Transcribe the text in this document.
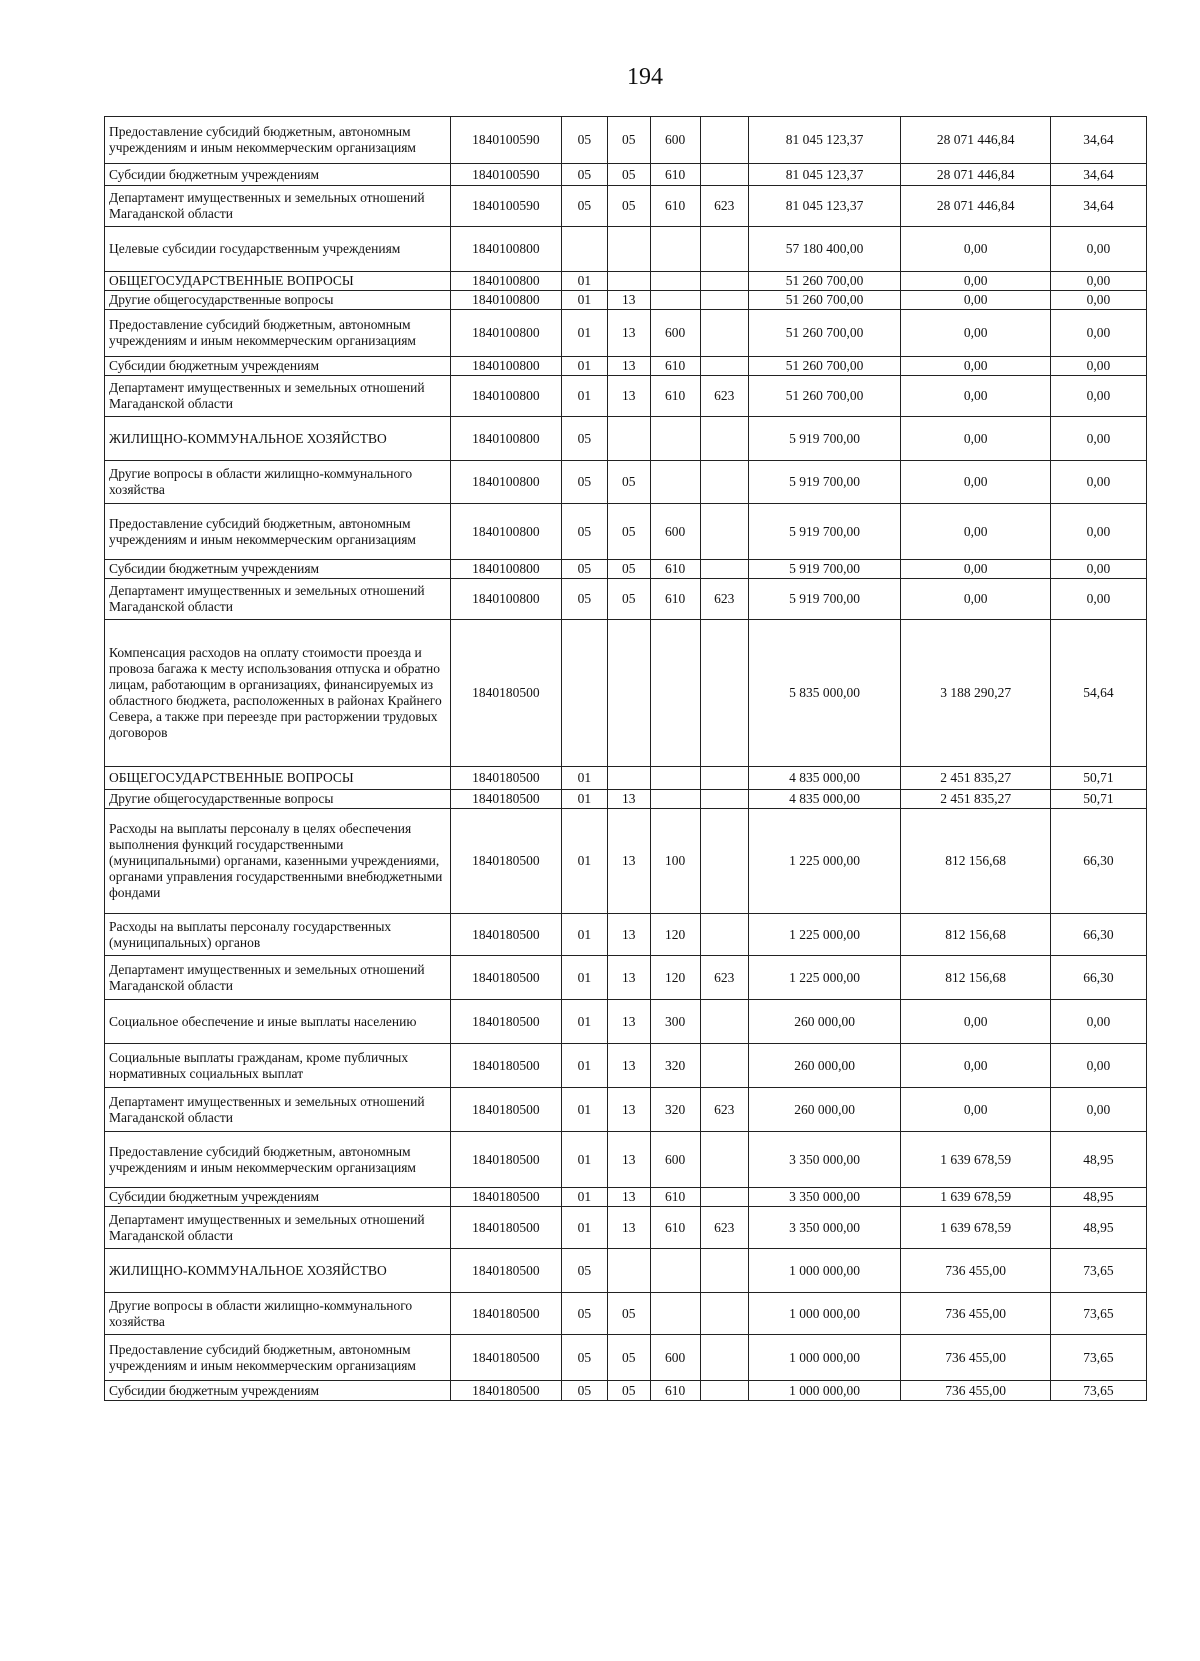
194
Предоставление субсидий бюджетным, автономным учреждениям и иным некоммерческим организациям	1840100590	05	05	600		81 045 123,37	28 071 446,84	34,64
Субсидии бюджетным учреждениям	1840100590	05	05	610		81 045 123,37	28 071 446,84	34,64
Департамент имущественных и земельных отношений Магаданской области	1840100590	05	05	610	623	81 045 123,37	28 071 446,84	34,64
Целевые субсидии государственным учреждениям	1840100800					57 180 400,00	0,00	0,00
ОБЩЕГОСУДАРСТВЕННЫЕ ВОПРОСЫ	1840100800	01				51 260 700,00	0,00	0,00
Другие общегосударственные вопросы	1840100800	01	13			51 260 700,00	0,00	0,00
Предоставление субсидий бюджетным, автономным учреждениям и иным некоммерческим организациям	1840100800	01	13	600		51 260 700,00	0,00	0,00
Субсидии бюджетным учреждениям	1840100800	01	13	610		51 260 700,00	0,00	0,00
Департамент имущественных и земельных отношений Магаданской области	1840100800	01	13	610	623	51 260 700,00	0,00	0,00
ЖИЛИЩНО-КОММУНАЛЬНОЕ ХОЗЯЙСТВО	1840100800	05				5 919 700,00	0,00	0,00
Другие вопросы в области жилищно-коммунального хозяйства	1840100800	05	05			5 919 700,00	0,00	0,00
Предоставление субсидий бюджетным, автономным учреждениям и иным некоммерческим организациям	1840100800	05	05	600		5 919 700,00	0,00	0,00
Субсидии бюджетным учреждениям	1840100800	05	05	610		5 919 700,00	0,00	0,00
Департамент имущественных и земельных отношений Магаданской области	1840100800	05	05	610	623	5 919 700,00	0,00	0,00
Компенсация расходов на оплату стоимости проезда и провоза багажа к месту использования отпуска и обратно лицам, работающим в организациях, финансируемых из областного бюджета, расположенных в районах Крайнего Севера, а также при переезде при расторжении трудовых договоров	1840180500					5 835 000,00	3 188 290,27	54,64
ОБЩЕГОСУДАРСТВЕННЫЕ ВОПРОСЫ	1840180500	01				4 835 000,00	2 451 835,27	50,71
Другие общегосударственные вопросы	1840180500	01	13			4 835 000,00	2 451 835,27	50,71
Расходы на выплаты персоналу в целях обеспечения выполнения функций государственными (муниципальными) органами, казенными учреждениями, органами управления государственными внебюджетными фондами	1840180500	01	13	100		1 225 000,00	812 156,68	66,30
Расходы на выплаты персоналу государственных (муниципальных) органов	1840180500	01	13	120		1 225 000,00	812 156,68	66,30
Департамент имущественных и земельных отношений Магаданской области	1840180500	01	13	120	623	1 225 000,00	812 156,68	66,30
Социальное обеспечение и иные выплаты населению	1840180500	01	13	300		260 000,00	0,00	0,00
Социальные выплаты гражданам, кроме публичных нормативных социальных выплат	1840180500	01	13	320		260 000,00	0,00	0,00
Департамент имущественных и земельных отношений Магаданской области	1840180500	01	13	320	623	260 000,00	0,00	0,00
Предоставление субсидий бюджетным, автономным учреждениям и иным некоммерческим организациям	1840180500	01	13	600		3 350 000,00	1 639 678,59	48,95
Субсидии бюджетным учреждениям	1840180500	01	13	610		3 350 000,00	1 639 678,59	48,95
Департамент имущественных и земельных отношений Магаданской области	1840180500	01	13	610	623	3 350 000,00	1 639 678,59	48,95
ЖИЛИЩНО-КОММУНАЛЬНОЕ ХОЗЯЙСТВО	1840180500	05				1 000 000,00	736 455,00	73,65
Другие вопросы в области жилищно-коммунального хозяйства	1840180500	05	05			1 000 000,00	736 455,00	73,65
Предоставление субсидий бюджетным, автономным учреждениям и иным некоммерческим организациям	1840180500	05	05	600		1 000 000,00	736 455,00	73,65
Субсидии бюджетным учреждениям	1840180500	05	05	610		1 000 000,00	736 455,00	73,65
